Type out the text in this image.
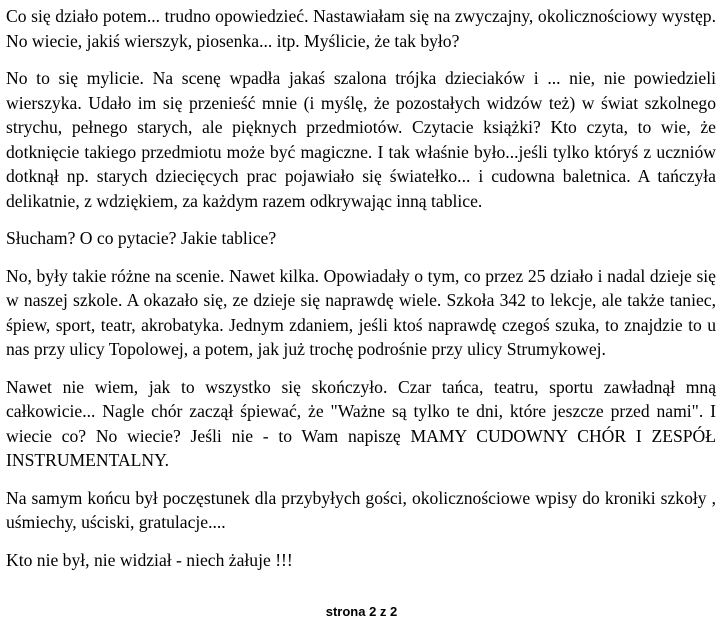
Co się działo potem... trudno opowiedzieć. Nastawiałam się na zwyczajny, okolicznościowy występ. No wiecie, jakiś wierszyk, piosenka... itp. Myślicie, że tak było?

No to się mylicie. Na scenę wpadła jakaś szalona trójka dzieciaków i ... nie, nie powiedzieli wierszyka. Udało im się przenieść mnie (i myślę, że pozostałych widzów też) w świat szkolnego strychu, pełnego starych, ale pięknych przedmiotów. Czytacie książki? Kto czyta, to wie, że dotknięcie takiego przedmiotu może być magiczne. I tak właśnie było...jeśli tylko któryś z uczniów dotknął np. starych dziecięcych prac pojawiało się światełko... i cudowna baletnica. A tańczyła delikatnie, z wdziękiem, za każdym razem odkrywając inną tablice.

Słucham? O co pytacie? Jakie tablice?

No, były takie różne na scenie. Nawet kilka. Opowiadały o tym, co przez 25 działo i nadal dzieje się w naszej szkole. A okazało się, ze dzieje się naprawdę wiele. Szkoła 342 to lekcje, ale także taniec, śpiew, sport, teatr, akrobatyka. Jednym zdaniem, jeśli ktoś naprawdę czegoś szuka, to znajdzie to u nas przy ulicy Topolowej, a potem, jak już trochę podrośnie przy ulicy Strumykowej.

Nawet nie wiem, jak to wszystko się skończyło. Czar tańca, teatru, sportu zawładnął mną całkowicie... Nagle chór zaczął śpiewać, że "Ważne są tylko te dni, które jeszcze przed nami". I wiecie co? No wiecie? Jeśli nie - to Wam napiszę MAMY CUDOWNY CHÓR I ZESPÓŁ INSTRUMENTALNY.

Na samym końcu był poczęstunek dla przybyłych gości, okolicznościowe wpisy do kroniki szkoły , uśmiechy, uściski, gratulacje....

Kto nie był, nie widział - niech żałuje !!!

strona 2 z 2
